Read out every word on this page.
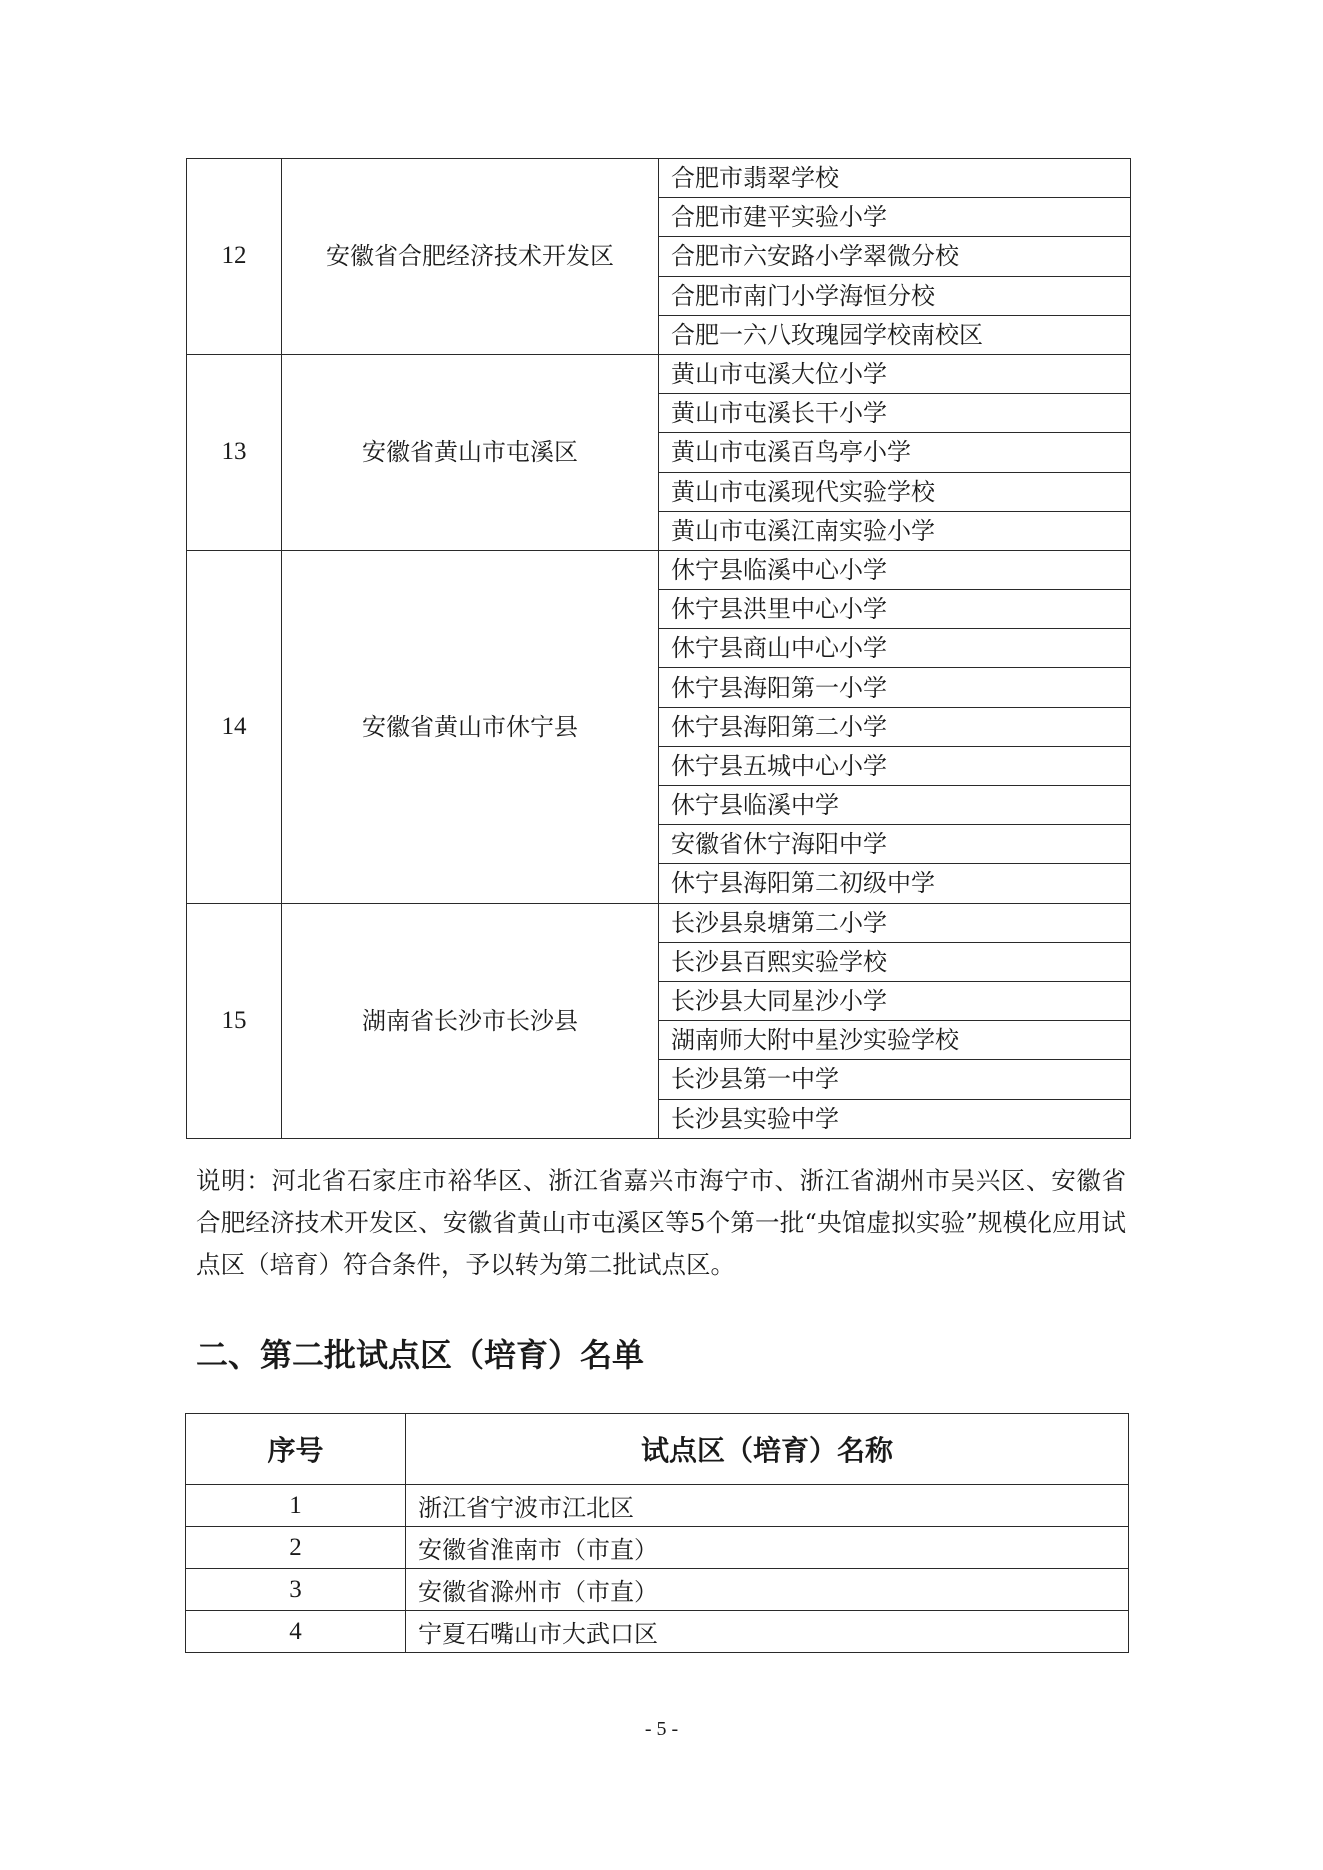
12	安徽省合肥经济技术开发区	合肥市翡翠学校
		合肥市建平实验小学
		合肥市六安路小学翠微分校
		合肥市南门小学海恒分校
		合肥一六八玫瑰园学校南校区
13	安徽省黄山市屯溪区	黄山市屯溪大位小学
		黄山市屯溪长干小学
		黄山市屯溪百鸟亭小学
		黄山市屯溪现代实验学校
		黄山市屯溪江南实验小学
14	安徽省黄山市休宁县	休宁县临溪中心小学
		休宁县洪里中心小学
		休宁县商山中心小学
		休宁县海阳第一小学
		休宁县海阳第二小学
		休宁县五城中心小学
		休宁县临溪中学
		安徽省休宁海阳中学
		休宁县海阳第二初级中学
15	湖南省长沙市长沙县	长沙县泉塘第二小学
		长沙县百熙实验学校
		长沙县大同星沙小学
		湖南师大附中星沙实验学校
		长沙县第一中学
		长沙县实验中学

说明：河北省石家庄市裕华区、浙江省嘉兴市海宁市、浙江省湖州市吴兴区、安徽省合肥经济技术开发区、安徽省黄山市屯溪区等5个第一批“央馆虚拟实验”规模化应用试点区（培育）符合条件，予以转为第二批试点区。

二、第二批试点区（培育）名单
序号	试点区（培育）名称
1	浙江省宁波市江北区
2	安徽省淮南市（市直）
3	安徽省滁州市（市直）
4	宁夏石嘴山市大武口区
- 5 -
